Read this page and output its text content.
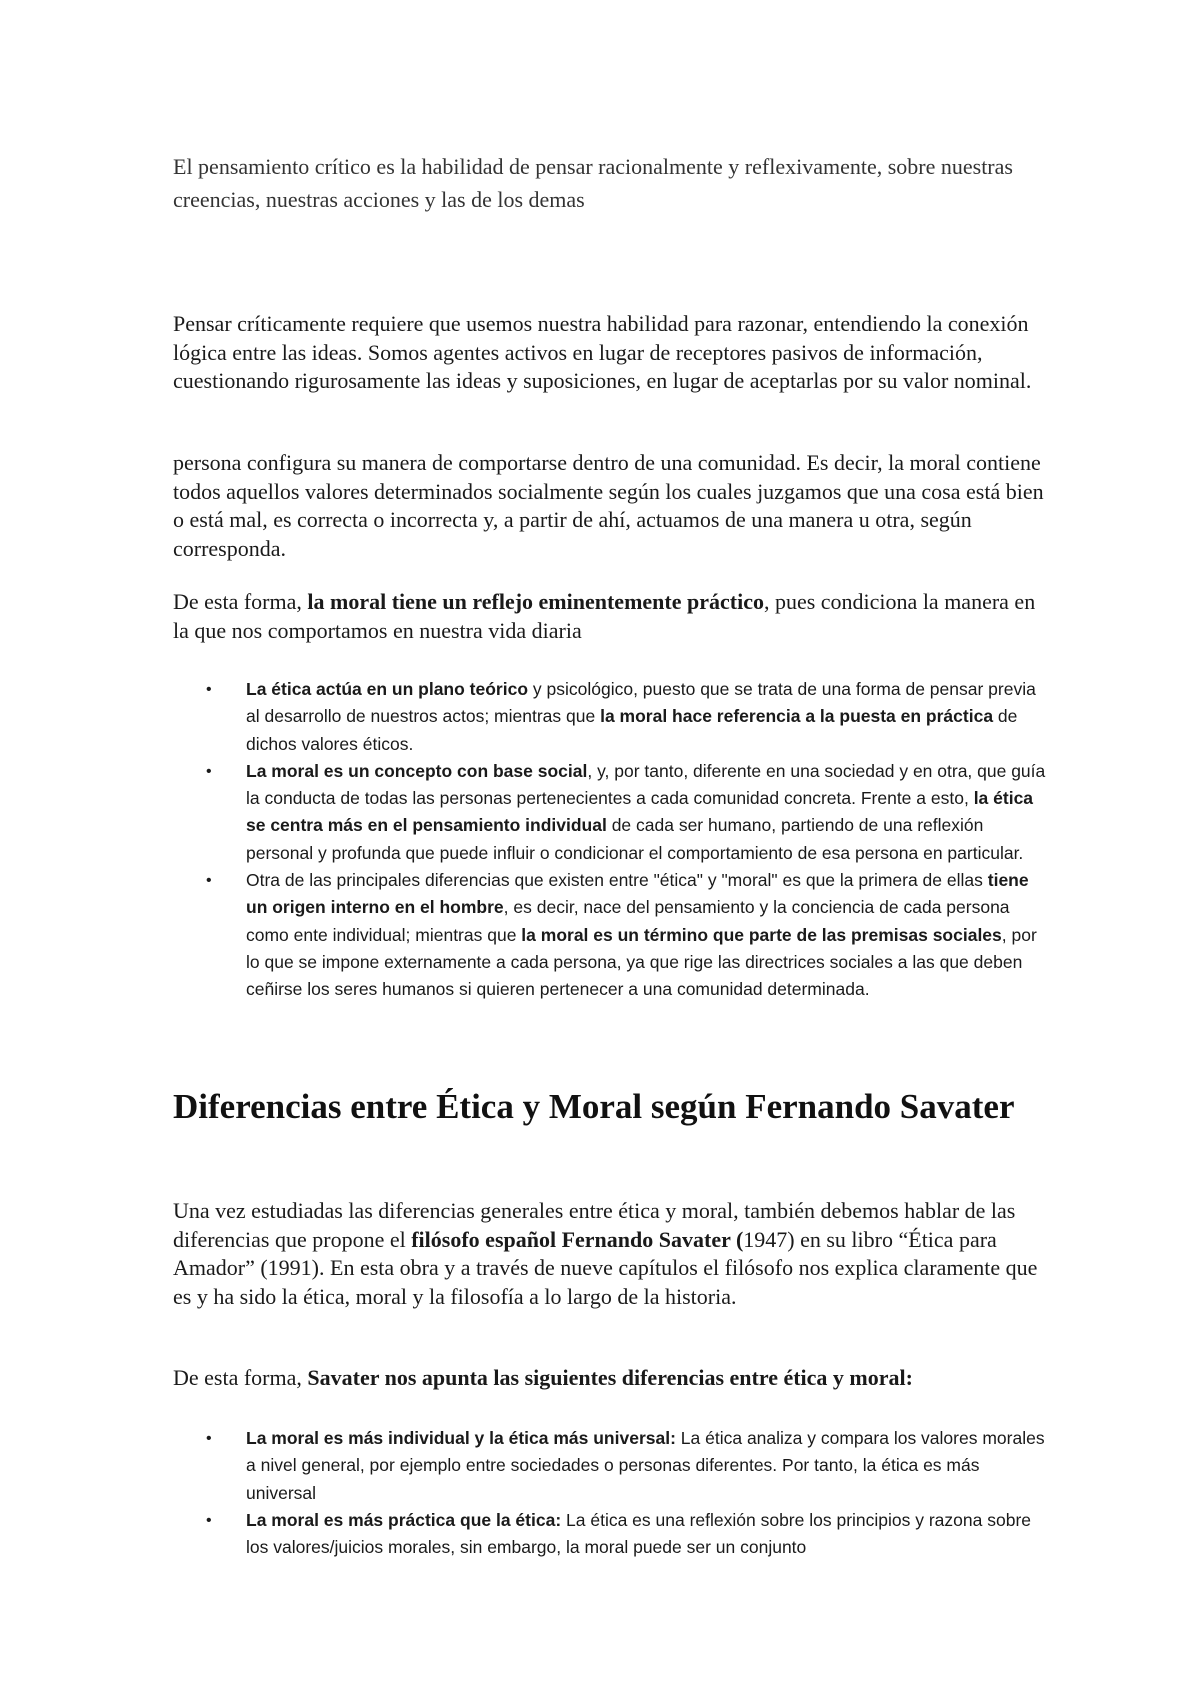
El pensamiento crítico es la habilidad de pensar racionalmente y reflexivamente, sobre nuestras creencias, nuestras acciones y las de los demas

Pensar críticamente requiere que usemos nuestra habilidad para razonar, entendiendo la conexión lógica entre las ideas. Somos agentes activos en lugar de receptores pasivos de información, cuestionando rigurosamente las ideas y suposiciones, en lugar de aceptarlas por su valor nominal.

persona configura su manera de comportarse dentro de una comunidad. Es decir, la moral contiene todos aquellos valores determinados socialmente según los cuales juzgamos que una cosa está bien o está mal, es correcta o incorrecta y, a partir de ahí, actuamos de una manera u otra, según corresponda.

De esta forma, la moral tiene un reflejo eminentemente práctico, pues condiciona la manera en la que nos comportamos en nuestra vida diaria

• La ética actúa en un plano teórico y psicológico, puesto que se trata de una forma de pensar previa al desarrollo de nuestros actos; mientras que la moral hace referencia a la puesta en práctica de dichos valores éticos.
• La moral es un concepto con base social, y, por tanto, diferente en una sociedad y en otra, que guía la conducta de todas las personas pertenecientes a cada comunidad concreta. Frente a esto, la ética se centra más en el pensamiento individual de cada ser humano, partiendo de una reflexión personal y profunda que puede influir o condicionar el comportamiento de esa persona en particular.
• Otra de las principales diferencias que existen entre "ética" y "moral" es que la primera de ellas tiene un origen interno en el hombre, es decir, nace del pensamiento y la conciencia de cada persona como ente individual; mientras que la moral es un término que parte de las premisas sociales, por lo que se impone externamente a cada persona, ya que rige las directrices sociales a las que deben ceñirse los seres humanos si quieren pertenecer a una comunidad determinada.
Diferencias entre Ética y Moral según Fernando Savater

Una vez estudiadas las diferencias generales entre ética y moral, también debemos hablar de las diferencias que propone el filósofo español Fernando Savater (1947) en su libro “Ética para Amador” (1991). En esta obra y a través de nueve capítulos el filósofo nos explica claramente que es y ha sido la ética, moral y la filosofía a lo largo de la historia.

De esta forma, Savater nos apunta las siguientes diferencias entre ética y moral:

• La moral es más individual y la ética más universal: La ética analiza y compara los valores morales a nivel general, por ejemplo entre sociedades o personas diferentes. Por tanto, la ética es más universal
• La moral es más práctica que la ética: La ética es una reflexión sobre los principios y razona sobre los valores/juicios morales, sin embargo, la moral puede ser un conjunto
